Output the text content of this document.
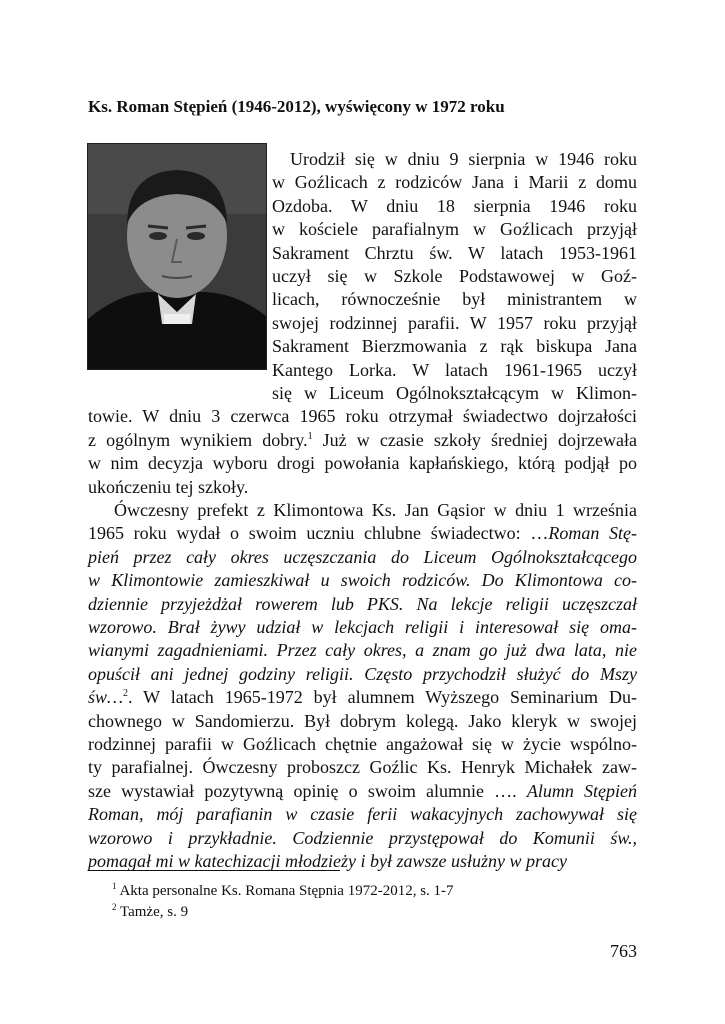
Ks. Roman Stępień (1946-2012), wyświęcony w 1972 roku
Urodził się w dniu 9 sierpnia w 1946 roku
w Goźlicach z rodziców Jana i Marii z domu
Ozdoba. W dniu 18 sierpnia 1946 roku
w kościele parafialnym w Goźlicach przyjął
Sakrament Chrztu św. W latach 1953-1961
uczył się w Szkole Podstawowej w Goź-
licach, równocześnie był ministrantem w
swojej rodzinnej parafii. W 1957 roku przyjął
Sakrament Bierzmowania z rąk biskupa Jana
Kantego Lorka. W latach 1961-1965 uczył
się w Liceum Ogólnokształcącym w Klimon-
towie. W dniu 3 czerwca 1965 roku otrzymał świadectwo dojrzałości
z ogólnym wynikiem dobry.$^1$ Już w czasie szkoły średniej dojrzewała
w nim decyzja wyboru drogi powołania kapłańskiego, którą podjął po
ukończeniu tej szkoły.
Ówczesny prefekt z Klimontowa Ks. Jan Gąsior w dniu 1 września
1965 roku wydał o swoim uczniu chlubne świadectwo: …Roman Stę-
pień przez cały okres uczęszczania do Liceum Ogólnokształcącego
w Klimontowie zamieszkiwał u swoich rodziców. Do Klimontowa co-
dziennie przyjeżdżał rowerem lub PKS. Na lekcje religii uczęszczał
wzorowo. Brał żywy udział w lekcjach religii i interesował się oma-
wianymi zagadnieniami. Przez cały okres, a znam go już dwa lata, nie
opuścił ani jednej godziny religii. Często przychodził służyć do Mszy
św…$^2$. W latach 1965-1972 był alumnem Wyższego Seminarium Du-
chownego w Sandomierzu. Był dobrym kolegą. Jako kleryk w swojej
rodzinnej parafii w Goźlicach chętnie angażował się w życie wspólno-
ty parafialnej. Ówczesny proboszcz Goźlic Ks. Henryk Michałek zaw-
sze wystawiał pozytywną opinię o swoim alumnie …. Alumn Stępień
Roman, mój parafianin w czasie ferii wakacyjnych zachowywał się
wzorowo i przykładnie. Codziennie przystępował do Komunii św.,
pomagał mi w katechizacji młodzieży i był zawsze usłużny w pracy
$^1$ Akta personalne Ks. Romana Stępnia 1972-2012, s. 1-7
$^2$ Tamże, s. 9
763
